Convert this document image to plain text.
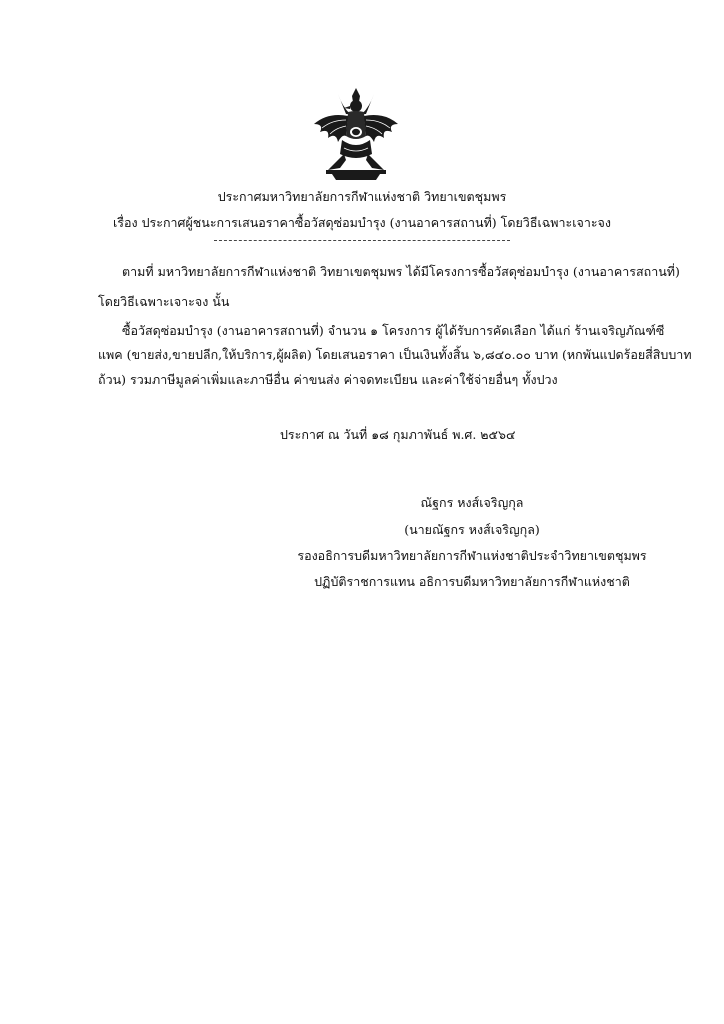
ประกาศมหาวิทยาลัยการกีฬาแห่งชาติ วิทยาเขตชุมพร
เรื่อง ประกาศผู้ชนะการเสนอราคาซื้อวัสดุซ่อมบำรุง (งานอาคารสถานที่) โดยวิธีเฉพาะเจาะจง
ตามที่ มหาวิทยาลัยการกีฬาแห่งชาติ วิทยาเขตชุมพร ได้มีโครงการซื้อวัสดุซ่อมบำรุง (งานอาคารสถานที่)
โดยวิธีเฉพาะเจาะจง นั้น
ซื้อวัสดุซ่อมบำรุง (งานอาคารสถานที่) จำนวน ๑ โครงการ ผู้ได้รับการคัดเลือก ได้แก่ ร้านเจริญภัณฑ์ซี
แพค (ขายส่ง,ขายปลีก,ให้บริการ,ผู้ผลิต) โดยเสนอราคา เป็นเงินทั้งสิ้น ๖,๘๔๐.๐๐ บาท (หกพันแปดร้อยสี่สิบบาท
ถ้วน) รวมภาษีมูลค่าเพิ่มและภาษีอื่น ค่าขนส่ง ค่าจดทะเบียน และค่าใช้จ่ายอื่นๆ ทั้งปวง
ประกาศ ณ วันที่ ๑๘ กุมภาพันธ์ พ.ศ. ๒๕๖๔
ณัฐกร หงส์เจริญกุล
(นายณัฐกร หงส์เจริญกุล)
รองอธิการบดีมหาวิทยาลัยการกีฬาแห่งชาติประจำวิทยาเขตชุมพร
ปฏิบัติราชการแทน อธิการบดีมหาวิทยาลัยการกีฬาแห่งชาติ
